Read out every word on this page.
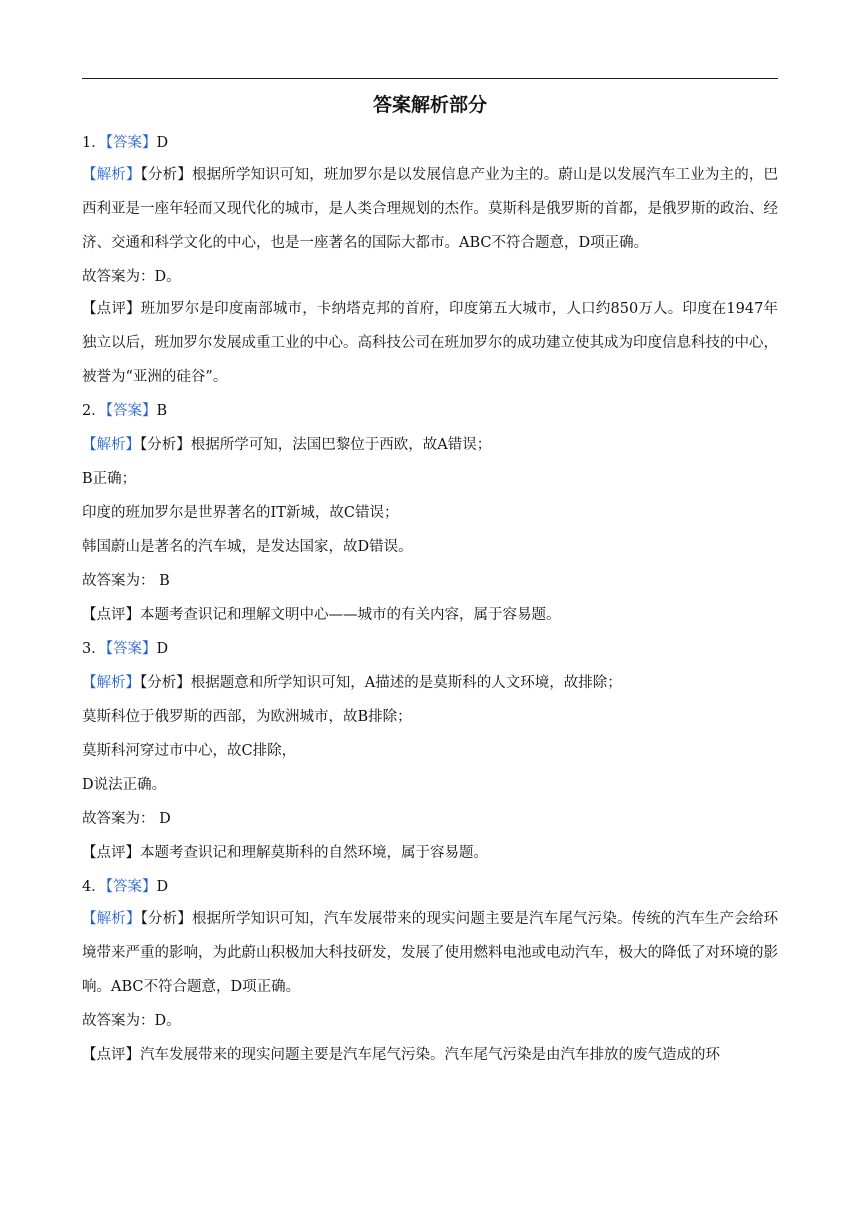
答案解析部分
1．【答案】D
【解析】【分析】根据所学知识可知，班加罗尔是以发展信息产业为主的。蔚山是以发展汽车工业为主的，巴西利亚是一座年轻而又现代化的城市，是人类合理规划的杰作。莫斯科是俄罗斯的首都，是俄罗斯的政治、经济、交通和科学文化的中心，也是一座著名的国际大都市。ABC不符合题意，D项正确。
故答案为：D。
【点评】班加罗尔是印度南部城市，卡纳塔克邦的首府，印度第五大城市，人口约850万人。印度在1947年独立以后，班加罗尔发展成重工业的中心。高科技公司在班加罗尔的成功建立使其成为印度信息科技的中心，被誉为“亚洲的硅谷”。
2．【答案】B
【解析】【分析】根据所学可知，法国巴黎位于西欧，故A错误；
B正确；
印度的班加罗尔是世界著名的IT新城，故C错误；
韩国蔚山是著名的汽车城，是发达国家，故D错误。
故答案为： B
【点评】本题考查识记和理解文明中心——城市的有关内容，属于容易题。
3．【答案】D
【解析】【分析】根据题意和所学知识可知，A描述的是莫斯科的人文环境，故排除；
莫斯科位于俄罗斯的西部，为欧洲城市，故B排除；
莫斯科河穿过市中心，故C排除，
D说法正确。
故答案为： D
【点评】本题考查识记和理解莫斯科的自然环境，属于容易题。
4．【答案】D
【解析】【分析】根据所学知识可知，汽车发展带来的现实问题主要是汽车尾气污染。传统的汽车生产会给环境带来严重的影响，为此蔚山积极加大科技研发，发展了使用燃料电池或电动汽车，极大的降低了对环境的影响。ABC不符合题意，D项正确。
故答案为：D。
【点评】汽车发展带来的现实问题主要是汽车尾气污染。汽车尾气污染是由汽车排放的废气造成的环
